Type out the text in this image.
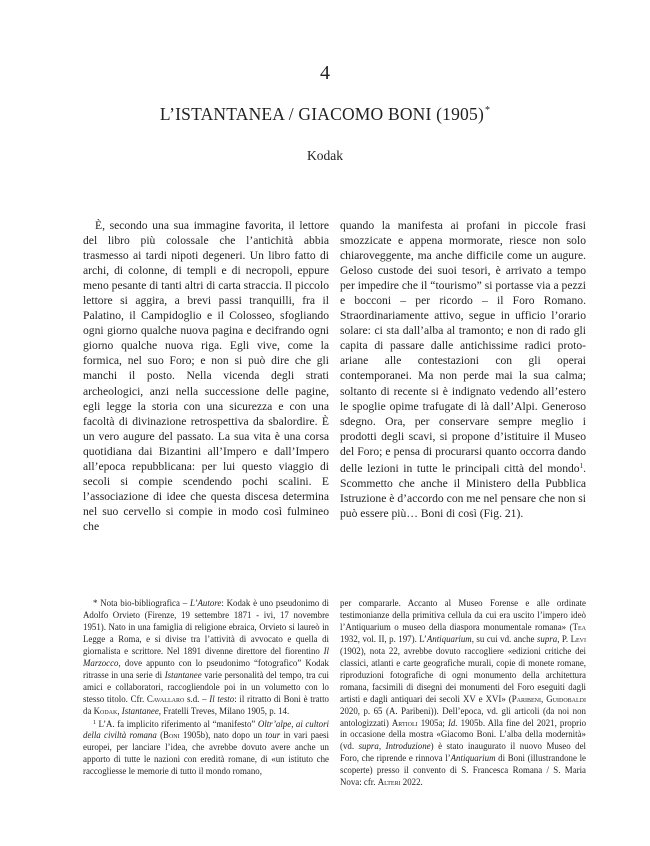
4
L’ISTANTANEA / GIACOMO BONI (1905)*
Kodak

È, secondo una sua immagine favorita, il lettore del libro più colossale che l’antichità abbia trasmesso ai tardi nipoti degeneri. Un libro fatto di archi, di colonne, di templi e di necropoli, eppure meno pesante di tanti altri di carta straccia. Il piccolo lettore si aggira, a brevi passi tranquilli, fra il Palatino, il Campidoglio e il Colosseo, sfogliando ogni giorno qualche nuova pagina e decifrando ogni giorno qualche nuova riga. Egli vive, come la formica, nel suo Foro; e non si può dire che gli manchi il posto. Nella vicenda degli strati archeologici, anzi nella successione delle pagine, egli legge la storia con una sicurezza e con una facoltà di divinazione retrospettiva da sbalordire. È un vero augure del passato. La sua vita è una corsa quotidiana dai Bizantini all’Impero e dall’Impero all’epoca repubblicana: per lui questo viaggio di secoli si compie scendendo pochi scalini. E l’associazione di idee che questa discesa determina nel suo cervello si compie in modo così fulmineo che

quando la manifesta ai profani in piccole frasi smozzicate e appena mormorate, riesce non solo chiaroveggente, ma anche difficile come un augure. Geloso custode dei suoi tesori, è arrivato a tempo per impedire che il “tourismo” si portasse via a pezzi e bocconi – per ricordo – il Foro Romano. Straordinariamente attivo, segue in ufficio l’orario solare: ci sta dall’alba al tramonto; e non di rado gli capita di passare dalle antichissime radici proto-ariane alle contestazioni con gli operai contemporanei. Ma non perde mai la sua calma; soltanto di recente si è indignato vedendo all’estero le spoglie opime trafugate di là dall’Alpi. Generoso sdegno. Ora, per conservare sempre meglio i prodotti degli scavi, si propone d’istituire il Museo del Foro; e pensa di procurarsi quanto occorra dando delle lezioni in tutte le principali città del mondo$^1$. Scommetto che anche il Ministero della Pubblica Istruzione è d’accordo con me nel pensare che non si può essere più… Boni di così (Fig. 21).

* Nota bio-bibliografica – L’Autore: Kodak è uno pseudonimo di Adolfo Orvieto (Firenze, 19 settembre 1871 - ivi, 17 novembre 1951). Nato in una famiglia di religione ebraica, Orvieto si laureò in Legge a Roma, e si divise tra l’attività di avvocato e quella di giornalista e scrittore. Nel 1891 divenne direttore del fiorentino Il Marzocco, dove appunto con lo pseudonimo “fotografico” Kodak ritrasse in una serie di Istantanee varie personalità del tempo, tra cui amici e collaboratori, raccogliendole poi in un volumetto con lo stesso titolo. Cfr. Cavallaro s.d. – Il testo: il ritratto di Boni è tratto da Kodak, Istantanee, Fratelli Treves, Milano 1905, p. 14.

$^1$ L’A. fa implicito riferimento al “manifesto” Oltr’alpe, ai cultori della civiltà romana (Boni 1905b), nato dopo un tour in vari paesi europei, per lanciare l’idea, che avrebbe dovuto avere anche un apporto di tutte le nazioni con eredità romane, di «un istituto che raccogliesse le memorie di tutto il mondo romano,

per compararle. Accanto al Museo Forense e alle ordinate testimonianze della primitiva cellula da cui era uscito l’impero ideò l’Antiquarium o museo della diaspora monumentale romana» (Tea 1932, vol. II, p. 197). L’Antiquarium, su cui vd. anche supra, P. Levi (1902), nota 22, avrebbe dovuto raccogliere «edizioni critiche dei classici, atlanti e carte geografiche murali, copie di monete romane, riproduzioni fotografiche di ogni monumento della architettura romana, facsimili di disegni dei monumenti del Foro eseguiti dagli artisti e dagli antiquari dei secoli XV e XVI» (Paribeni, Guidobaldi 2020, p. 65 (A. Paribeni)). Dell’epoca, vd. gli articoli (da noi non antologizzati) Artioli 1905a; Id. 1905b. Alla fine del 2021, proprio in occasione della mostra «Giacomo Boni. L’alba della modernità» (vd. supra, Introduzione) è stato inaugurato il nuovo Museo del Foro, che riprende e rinnova l’Antiquarium di Boni (illustrandone le scoperte) presso il convento di S. Francesca Romana / S. Maria Nova: cfr. Alteri 2022.
